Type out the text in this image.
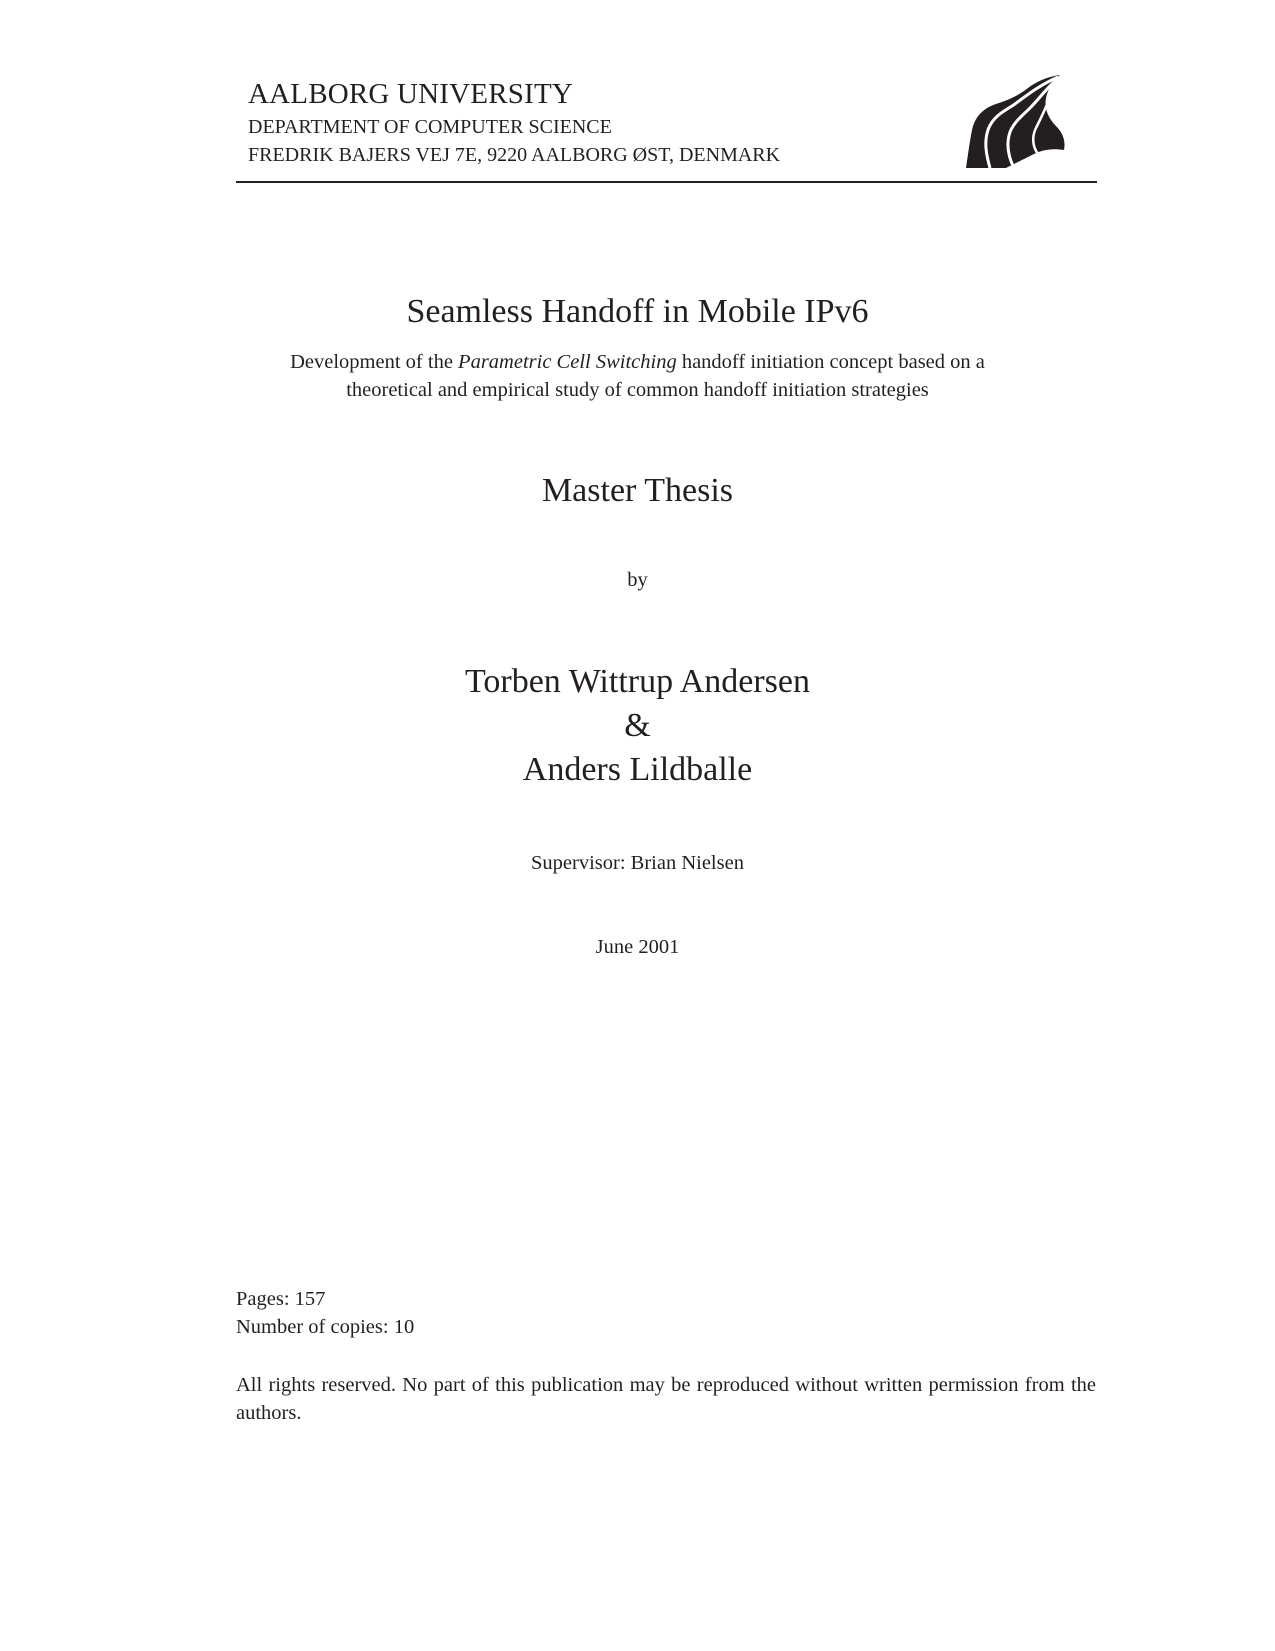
AALBORG UNIVERSITY
DEPARTMENT OF COMPUTER SCIENCE
FREDRIK BAJERS VEJ 7E, 9220 AALBORG ØST, DENMARK
Seamless Handoff in Mobile IPv6
Development of the Parametric Cell Switching handoff initiation concept based on a
theoretical and empirical study of common handoff initiation strategies
Master Thesis
by
Torben Wittrup Andersen
&
Anders Lildballe
Supervisor: Brian Nielsen
June 2001
Pages: 157
Number of copies: 10
All rights reserved. No part of this publication may be reproduced without written permission from the authors.
